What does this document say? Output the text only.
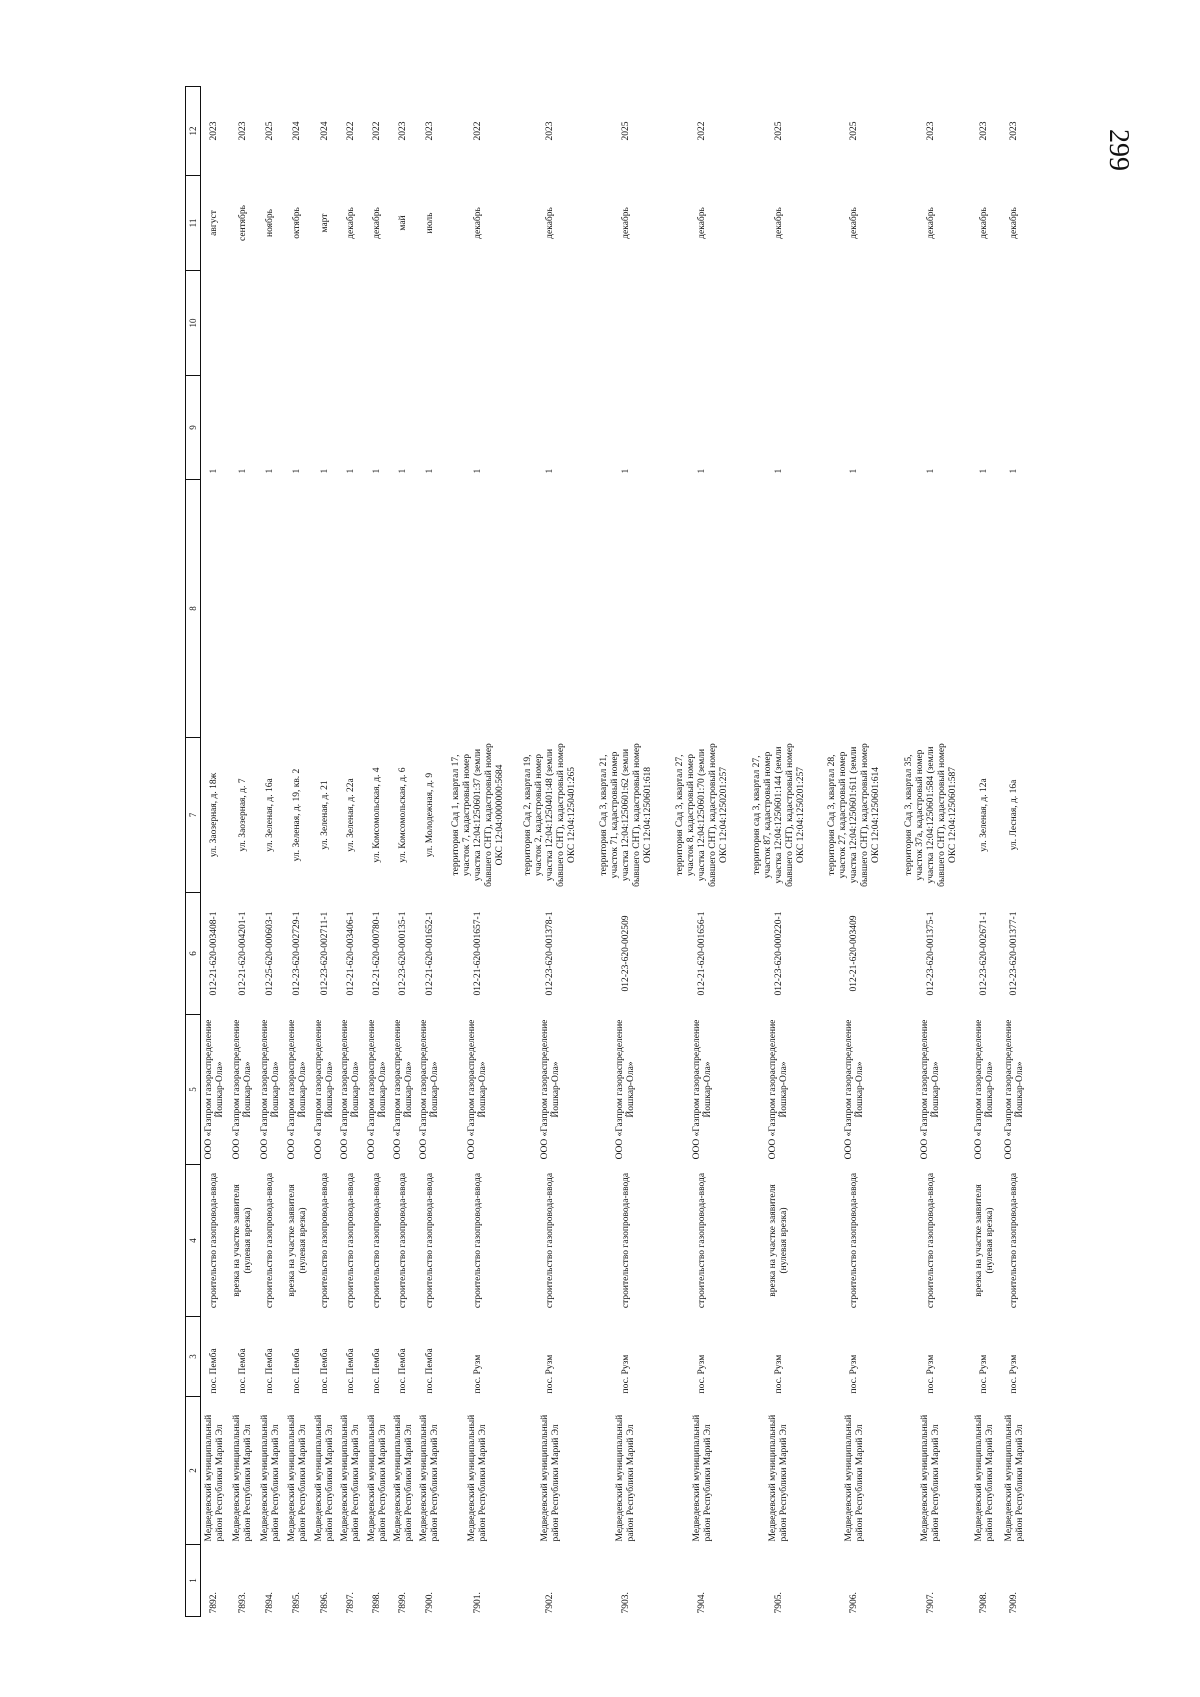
299
1	2	3	4	5	6	7	8	9	10	11	12
7892.	Медведевский муниципальный район Республики Марий Эл	пос. Пемба	строительство газопровода-ввода	ООО «Газпром газораспределение Йошкар-Ола»	012-21-620-003408-1	ул. Заозерная, д. 18ж		1		август	2023
7893.	Медведевский муниципальный район Республики Марий Эл	пос. Пемба	врезка на участке заявителя (нулевая врезка)	ООО «Газпром газораспределение Йошкар-Ола»	012-21-620-004201-1	ул. Заозерная, д. 7		1		сентябрь	2023
7894.	Медведевский муниципальный район Республики Марий Эл	пос. Пемба	строительство газопровода-ввода	ООО «Газпром газораспределение Йошкар-Ола»	012-25-620-000603-1	ул. Зеленая, д. 16а		1		ноябрь	2025
7895.	Медведевский муниципальный район Республики Марий Эл	пос. Пемба	врезка на участке заявителя (нулевая врезка)	ООО «Газпром газораспределение Йошкар-Ола»	012-23-620-002729-1	ул. Зеленая, д. 19, кв. 2		1		октябрь	2024
7896.	Медведевский муниципальный район Республики Марий Эл	пос. Пемба	строительство газопровода-ввода	ООО «Газпром газораспределение Йошкар-Ола»	012-23-620-002711-1	ул. Зеленая, д. 21		1		март	2024
7897.	Медведевский муниципальный район Республики Марий Эл	пос. Пемба	строительство газопровода-ввода	ООО «Газпром газораспределение Йошкар-Ола»	012-21-620-003406-1	ул. Зеленая, д. 22а		1		декабрь	2022
7898.	Медведевский муниципальный район Республики Марий Эл	пос. Пемба	строительство газопровода-ввода	ООО «Газпром газораспределение Йошкар-Ола»	012-21-620-000780-1	ул. Комсомольская, д. 4		1		декабрь	2022
7899.	Медведевский муниципальный район Республики Марий Эл	пос. Пемба	строительство газопровода-ввода	ООО «Газпром газораспределение Йошкар-Ола»	012-23-620-000135-1	ул. Комсомольская, д. 6		1		май	2023
7900.	Медведевский муниципальный район Республики Марий Эл	пос. Пемба	строительство газопровода-ввода	ООО «Газпром газораспределение Йошкар-Ола»	012-21-620-001652-1	ул. Молодежная, д. 9		1		июль	2023
7901.	Медведевский муниципальный район Республики Марий Эл	пос. Рузм	строительство газопровода-ввода	ООО «Газпром газораспределение Йошкар-Ола»	012-21-620-001657-1	территория Сад 1, квартал 17, участок 7, кадастровый номер участка 12:04:1250601:37 (земли бывшего СНТ), кадастровый номер ОКС 12:04:0000000:5684		1		декабрь	2022
7902.	Медведевский муниципальный район Республики Марий Эл	пос. Рузм	строительство газопровода-ввода	ООО «Газпром газораспределение Йошкар-Ола»	012-23-620-001378-1	территория Сад 2, квартал 19, участок 2, кадастровый номер участка 12:04:1250401:48 (земли бывшего СНТ), кадастровый номер ОКС 12:04:1250401:265		1		декабрь	2023
7903.	Медведевский муниципальный район Республики Марий Эл	пос. Рузм	строительство газопровода-ввода	ООО «Газпром газораспределение Йошкар-Ола»	012-23-620-002509	территория Сад 3, квартал 21, участок 71, кадастровый номер участка 12:04:1250601:62 (земли бывшего СНТ), кадастровый номер ОКС 12:04:1250601:618		1		декабрь	2025
7904.	Медведевский муниципальный район Республики Марий Эл	пос. Рузм	строительство газопровода-ввода	ООО «Газпром газораспределение Йошкар-Ола»	012-21-620-001656-1	территория Сад 3, квартал 27, участок 8, кадастровый номер участка 12:04:1250601:70 (земли бывшего СНТ), кадастровый номер ОКС 12:04:1250201:257		1		декабрь	2022
7905.	Медведевский муниципальный район Республики Марий Эл	пос. Рузм	врезка на участке заявителя (нулевая врезка)	ООО «Газпром газораспределение Йошкар-Ола»	012-23-620-000220-1	территория сад 3, квартал 27, участок 87, кадастровый номер участка 12:04:1250601:144 (земли бывшего СНТ), кадастровый номер ОКС 12:04:1250201:257		1		декабрь	2025
7906.	Медведевский муниципальный район Республики Марий Эл	пос. Рузм	строительство газопровода-ввода	ООО «Газпром газораспределение Йошкар-Ола»	012-21-620-003409	территория Сад 3, квартал 28, участок 27, кадастровый номер участка 12:04:1250601:611 (земли бывшего СНТ), кадастровый номер ОКС 12:04:1250601:614		1		декабрь	2025
7907.	Медведевский муниципальный район Республики Марий Эл	пос. Рузм	строительство газопровода-ввода	ООО «Газпром газораспределение Йошкар-Ола»	012-23-620-001375-1	территория Сад 3, квартал 35, участок 37а, кадастровый номер участка 12:04:1250601:584 (земли бывшего СНТ), кадастровый номер ОКС 12:04:1250601:587		1		декабрь	2023
7908.	Медведевский муниципальный район Республики Марий Эл	пос. Рузм	врезка на участке заявителя (нулевая врезка)	ООО «Газпром газораспределение Йошкар-Ола»	012-23-620-002671-1	ул. Зеленая, д. 12а		1		декабрь	2023
7909.	Медведевский муниципальный район Республики Марий Эл	пос. Рузм	строительство газопровода-ввода	ООО «Газпром газораспределение Йошкар-Ола»	012-23-620-001377-1	ул. Лесная, д. 16а		1		декабрь	2023
